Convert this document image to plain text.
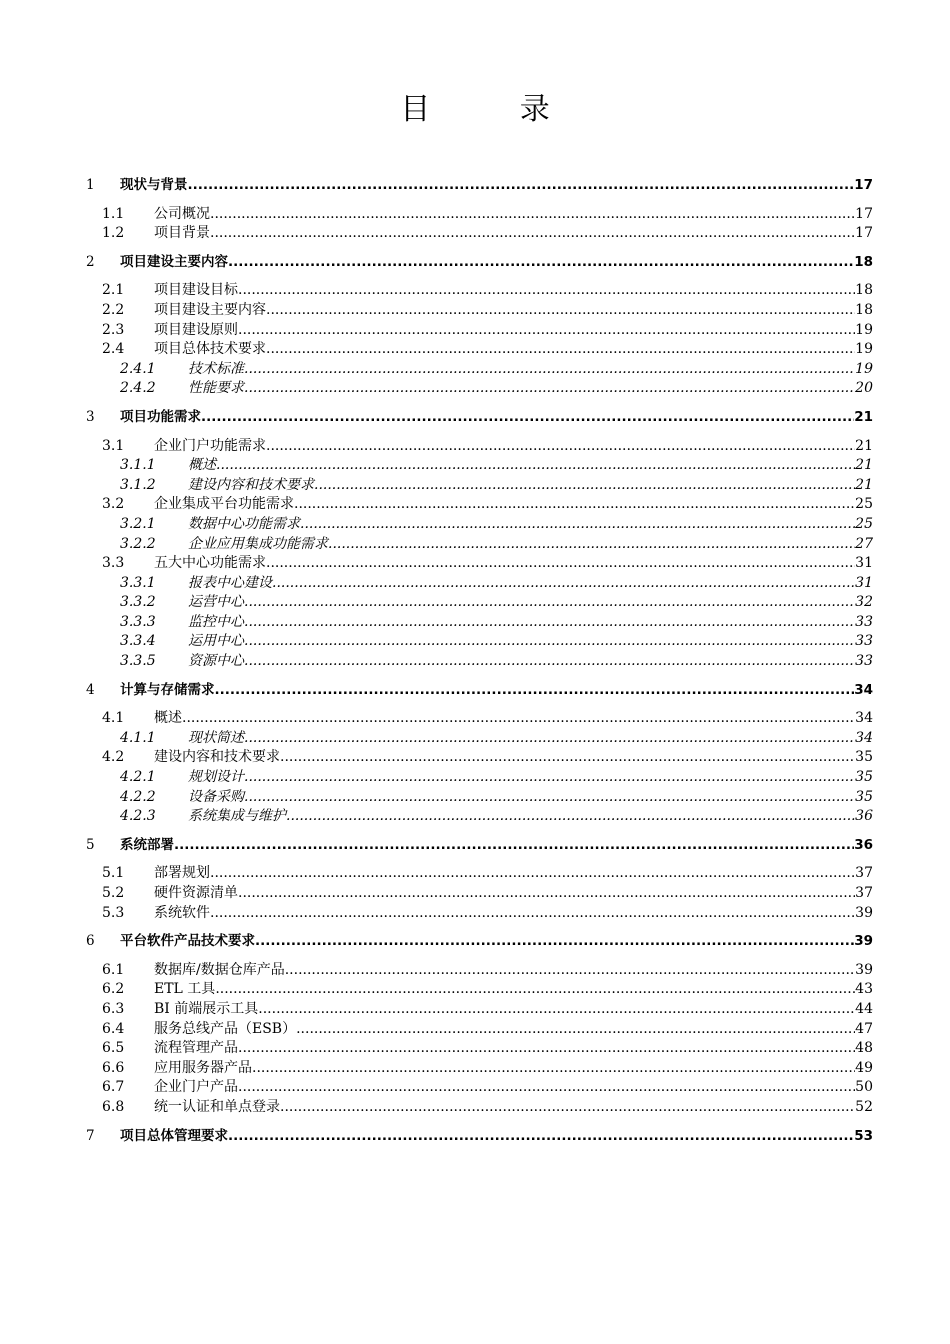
目 录
1	现状与背景 .....	17
1.1	公司概况 .....	17
1.2	项目背景 .....	17
2	项目建设主要内容 .....	18
2.1	项目建设目标 .....	18
2.2	项目建设主要内容 .....	18
2.3	项目建设原则 .....	19
2.4	项目总体技术要求 .....	19
2.4.1	技术标准 .....	19
2.4.2	性能要求 .....	20
3	项目功能需求 .....	21
3.1	企业门户功能需求 .....	21
3.1.1	概述 .....	21
3.1.2	建设内容和技术要求 .....	21
3.2	企业集成平台功能需求 .....	25
3.2.1	数据中心功能需求 .....	25
3.2.2	企业应用集成功能需求 .....	27
3.3	五大中心功能需求 .....	31
3.3.1	报表中心建设 .....	31
3.3.2	运营中心 .....	32
3.3.3	监控中心 .....	33
3.3.4	运用中心 .....	33
3.3.5	资源中心 .....	33
4	计算与存储需求 .....	34
4.1	概述 .....	34
4.1.1	现状简述 .....	34
4.2	建设内容和技术要求 .....	35
4.2.1	规划设计 .....	35
4.2.2	设备采购 .....	35
4.2.3	系统集成与维护 .....	36
5	系统部署 .....	36
5.1	部署规划 .....	37
5.2	硬件资源清单 .....	37
5.3	系统软件 .....	39
6	平台软件产品技术要求 .....	39
6.1	数据库/数据仓库产品 .....	39
6.2	ETL 工具 .....	43
6.3	BI 前端展示工具 .....	44
6.4	服务总线产品（ESB） .....	47
6.5	流程管理产品 .....	48
6.6	应用服务器产品 .....	49
6.7	企业门户产品 .....	50
6.8	统一认证和单点登录 .....	52
7	项目总体管理要求 .....	53
